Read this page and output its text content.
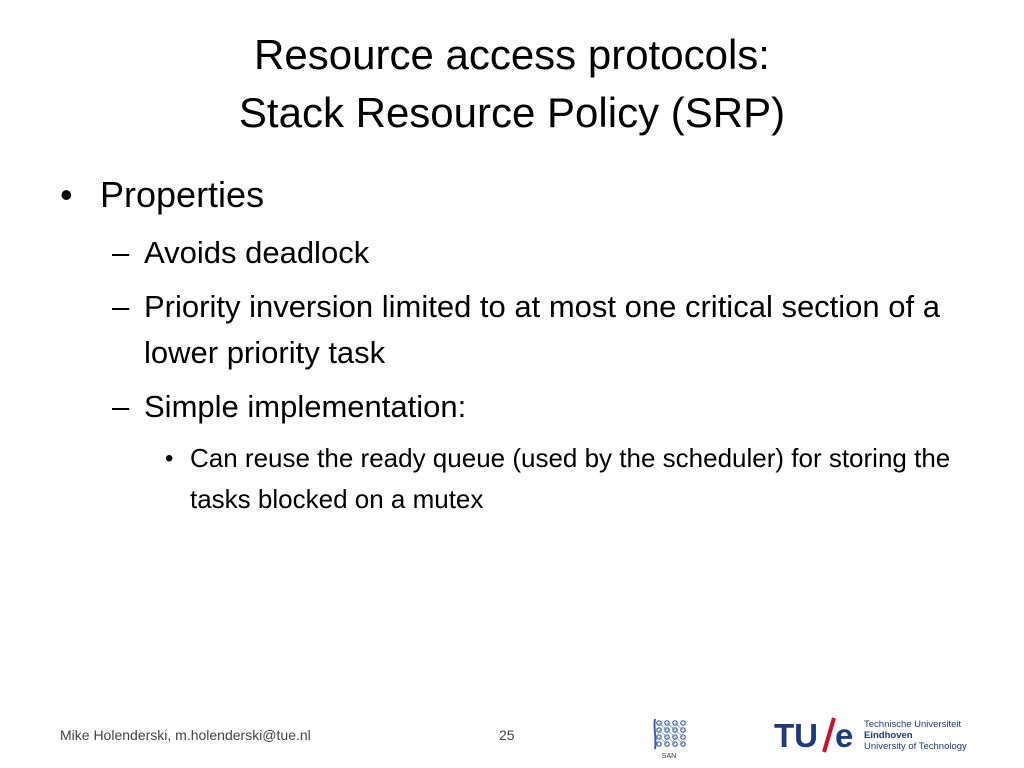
Resource access protocols:
Stack Resource Policy (SRP)
• Properties
– Avoids deadlock
– Priority inversion limited to at most one critical section of a lower priority task
– Simple implementation:
• Can reuse the ready queue (used by the scheduler) for storing the tasks blocked on a mutex
Mike Holenderski, m.holenderski@tue.nl	25
SAN
TU e Technische Universiteit
Eindhoven
University of Technology
